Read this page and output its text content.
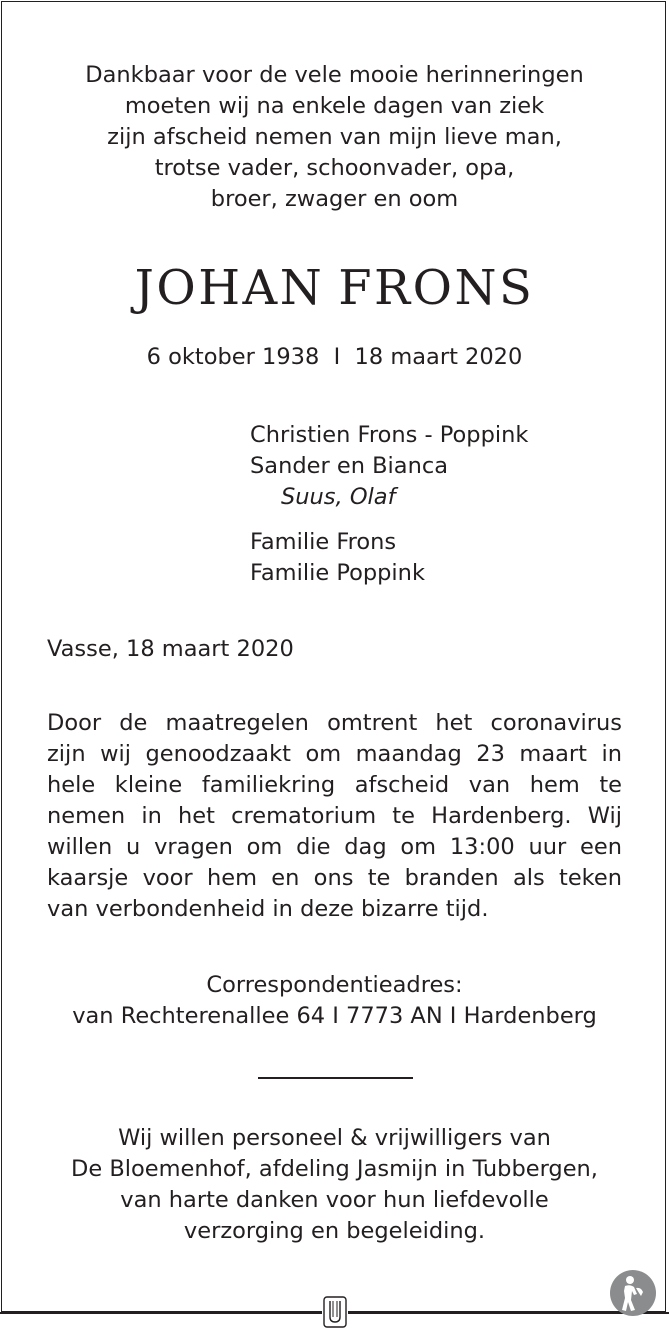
Dankbaar voor de vele mooie herinneringen
moeten wij na enkele dagen van ziek
zijn afscheid nemen van mijn lieve man,
trotse vader, schoonvader, opa,
broer, zwager en oom
JOHAN FRONS
6 oktober 1938  I  18 maart 2020
Christien Frons - Poppink
Sander en Bianca
Suus, Olaf
Familie Frons
Familie Poppink
Vasse, 18 maart 2020
Door de maatregelen omtrent het coronavirus
zijn wij genoodzaakt om maandag 23 maart in
hele kleine familiekring afscheid van hem te
nemen in het crematorium te Hardenberg. Wij
willen u vragen om die dag om 13:00 uur een
kaarsje voor hem en ons te branden als teken
van verbondenheid in deze bizarre tijd.
Correspondentieadres:
van Rechterenallee 64 I 7773 AN I Hardenberg
Wij willen personeel & vrijwilligers van
De Bloemenhof, afdeling Jasmijn in Tubbergen,
van harte danken voor hun liefdevolle
verzorging en begeleiding.
